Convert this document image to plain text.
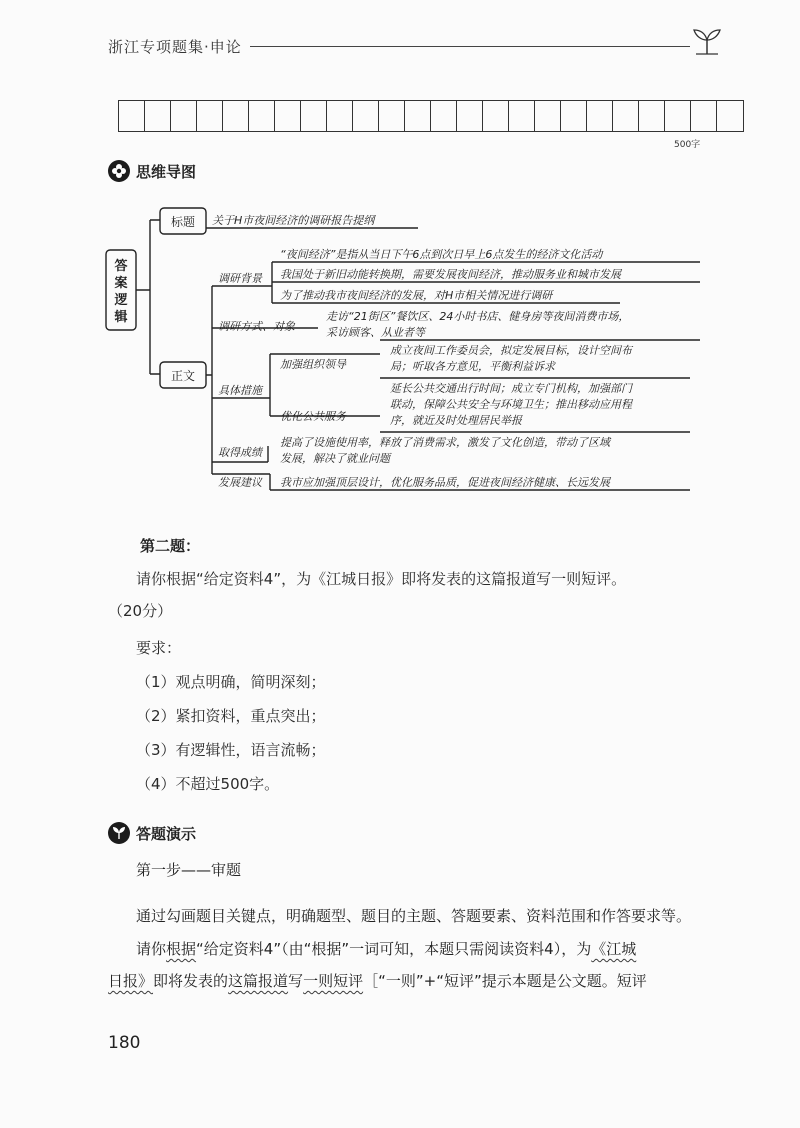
浙江专项题集·申论
500字
思维导图
答
案
逻
辑
标题 关于H市夜间经济的调研报告提纲
正文
调研背景
“夜间经济”是指从当日下午6点到次日早上6点发生的经济文化活动
我国处于新旧动能转换期，需要发展夜间经济，推动服务业和城市发展
为了推动我市夜间经济的发展，对H市相关情况进行调研
调研方式、对象
走访“21街区”餐饮区、24小时书店、健身房等夜间消费市场，
采访顾客、从业者等
具体措施
加强组织领导
成立夜间工作委员会，拟定发展目标，设计空间布
局；听取各方意见，平衡利益诉求
优化公共服务
延长公共交通出行时间；成立专门机构，加强部门
联动，保障公共安全与环境卫生；推出移动应用程
序，就近及时处理居民举报
取得成绩
提高了设施使用率，释放了消费需求，激发了文化创造，带动了区域
发展，解决了就业问题
发展建议 我市应加强顶层设计，优化服务品质，促进夜间经济健康、长远发展
第二题：
请你根据“给定资料4”，为《江城日报》即将发表的这篇报道写一则短评。
（20分）
要求：
（1）观点明确，简明深刻；
（2）紧扣资料，重点突出；
（3）有逻辑性，语言流畅；
（4）不超过500字。
答题演示
第一步——审题
通过勾画题目关键点，明确题型、题目的主题、答题要素、资料范围和作答要求等。
请你根据“给定资料4”（由“根据”一词可知，本题只需阅读资料4），为《江城
日报》即将发表的这篇报道写一则短评［“一则”+“短评”提示本题是公文题。短评
180
